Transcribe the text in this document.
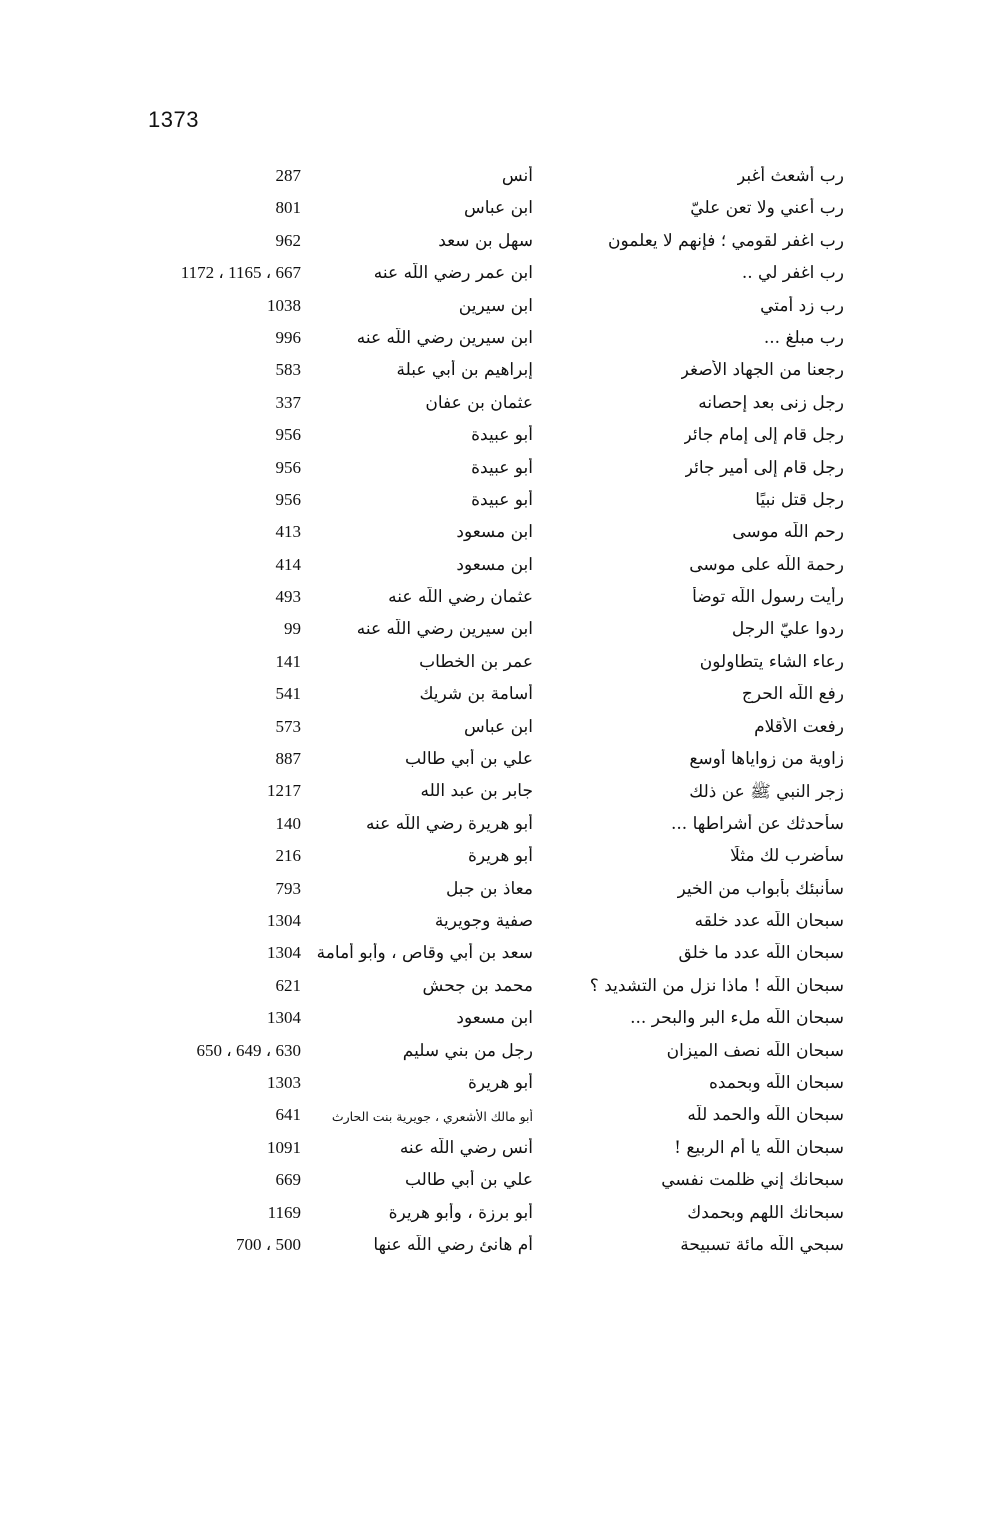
1373
رب أشعث أغبر
أنس
287
رب أعني ولا تعن عليّ
ابن عباس
801
رب اغفر لقومي ؛ فإنهم لا يعلمون
سهل بن سعد
962
رب اغفر لي ..
ابن عمر رضي اللّه عنه
667 ، 1165 ، 1172
رب زد أمتي
ابن سيرين
1038
رب مبلغ ...
ابن سيرين رضي اللّه عنه
996
رجعنا من الجهاد الأصغر
إبراهيم بن أبي عبلة
583
رجل زنى بعد إحصانه
عثمان بن عفان
337
رجل قام إلى إمام جائر
أبو عبيدة
956
رجل قام إلى أمير جائر
أبو عبيدة
956
رجل قتل نبيًا
أبو عبيدة
956
رحم اللّه موسى
ابن مسعود
413
رحمة اللّه على موسى
ابن مسعود
414
رأيت رسول اللّه توضأ
عثمان رضي اللّه عنه
493
ردوا عليّ الرجل
ابن سيرين رضي اللّه عنه
99
رعاء الشاء يتطاولون
عمر بن الخطاب
141
رفع اللّه الحرج
أسامة بن شريك
541
رفعت الأقلام
ابن عباس
573
زاوية من زواياها أوسع
علي بن أبي طالب
887
زجر النبي ﷺ عن ذلك
جابر بن عبد الله
1217
سأحدثك عن أشراطها ...
أبو هريرة رضي اللّه عنه
140
سأضرب لك مثلًا
أبو هريرة
216
سأنبئك بأبواب من الخير
معاذ بن جبل
793
سبحان اللّه عدد خلقه
صفية وجويرية
1304
سبحان اللّه عدد ما خلق
سعد بن أبي وقاص ، وأبو أمامة
1304
سبحان اللّه ! ماذا نزل من التشديد ؟
محمد بن جحش
621
سبحان اللّه ملء البر والبحر ...
ابن مسعود
1304
سبحان اللّه نصف الميزان
رجل من بني سليم
630 ، 649 ، 650
سبحان اللّه وبحمده
أبو هريرة
1303
سبحان اللّه والحمد للّه
أبو مالك الأشعري ، جويرية بنت الحارث
641
سبحان اللّه يا أم الربيع !
أنس رضي اللّه عنه
1091
سبحانك إني ظلمت نفسي
علي بن أبي طالب
669
سبحانك اللهم وبحمدك
أبو برزة ، وأبو هريرة
1169
سبحي اللّه مائة تسبيحة
أم هانئ رضي اللّه عنها
500 ، 700
